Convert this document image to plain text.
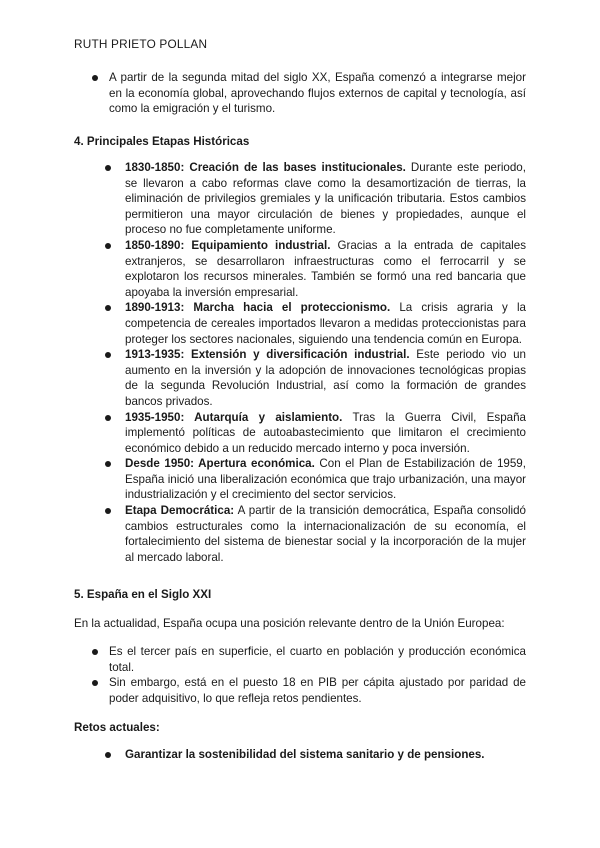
RUTH PRIETO POLLAN
A partir de la segunda mitad del siglo XX, España comenzó a integrarse mejor en la economía global, aprovechando flujos externos de capital y tecnología, así como la emigración y el turismo.
4. Principales Etapas Históricas
1830-1850: Creación de las bases institucionales. Durante este periodo, se llevaron a cabo reformas clave como la desamortización de tierras, la eliminación de privilegios gremiales y la unificación tributaria. Estos cambios permitieron una mayor circulación de bienes y propiedades, aunque el proceso no fue completamente uniforme.
1850-1890: Equipamiento industrial. Gracias a la entrada de capitales extranjeros, se desarrollaron infraestructuras como el ferrocarril y se explotaron los recursos minerales. También se formó una red bancaria que apoyaba la inversión empresarial.
1890-1913: Marcha hacia el proteccionismo. La crisis agraria y la competencia de cereales importados llevaron a medidas proteccionistas para proteger los sectores nacionales, siguiendo una tendencia común en Europa.
1913-1935: Extensión y diversificación industrial. Este periodo vio un aumento en la inversión y la adopción de innovaciones tecnológicas propias de la segunda Revolución Industrial, así como la formación de grandes bancos privados.
1935-1950: Autarquía y aislamiento. Tras la Guerra Civil, España implementó políticas de autoabastecimiento que limitaron el crecimiento económico debido a un reducido mercado interno y poca inversión.
Desde 1950: Apertura económica. Con el Plan de Estabilización de 1959, España inició una liberalización económica que trajo urbanización, una mayor industrialización y el crecimiento del sector servicios.
Etapa Democrática: A partir de la transición democrática, España consolidó cambios estructurales como la internacionalización de su economía, el fortalecimiento del sistema de bienestar social y la incorporación de la mujer al mercado laboral.
5. España en el Siglo XXI
En la actualidad, España ocupa una posición relevante dentro de la Unión Europea:
Es el tercer país en superficie, el cuarto en población y producción económica total.
Sin embargo, está en el puesto 18 en PIB per cápita ajustado por paridad de poder adquisitivo, lo que refleja retos pendientes.
Retos actuales:
Garantizar la sostenibilidad del sistema sanitario y de pensiones.
